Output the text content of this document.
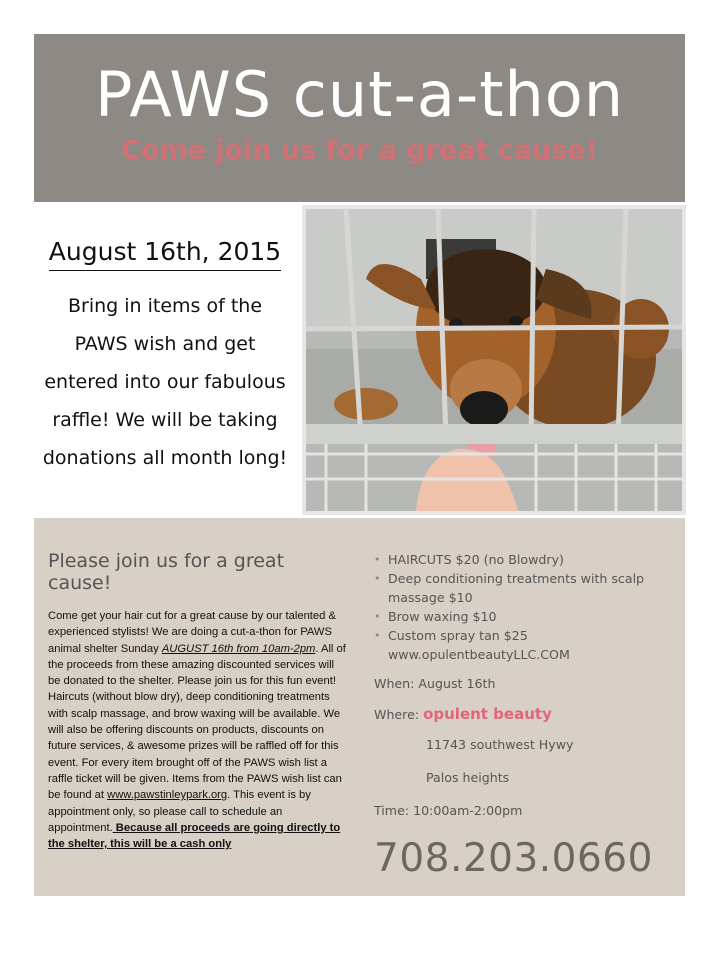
PAWS cut-a-thon
Come join us for a great cause!
August 16th, 2015
Bring in items of the PAWS wish and get entered into our fabulous raffle! We will be taking donations all month long!
Please join us for a great cause!
Come get your hair cut for a great cause by our talented & experienced stylists! We are doing a cut-a-thon for PAWS animal shelter Sunday AUGUST 16th from 10am-2pm. All of the proceeds from these amazing discounted services will be donated to the shelter. Please join us for this fun event! Haircuts (without blow dry), deep conditioning treatments with scalp massage, and brow waxing will be available. We will also be offering discounts on products, discounts on future services, & awesome prizes will be raffled off for this event. For every item brought off of the PAWS wish list a raffle ticket will be given. Items from the PAWS wish list can be found at www.pawstinleypark.org. This event is by appointment only, so please call to schedule an appointment. Because all proceeds are going directly to the shelter, this will be a cash only
• HAIRCUTS $20 (no Blowdry)
• Deep conditioning treatments with scalp massage $10
• Brow waxing $10
• Custom spray tan $25
www.opulentbeautyLLC.COM
When: August 16th
Where: opulent beauty
11743 southwest Hywy
Palos heights
Time: 10:00am-2:00pm
708.203.0660
